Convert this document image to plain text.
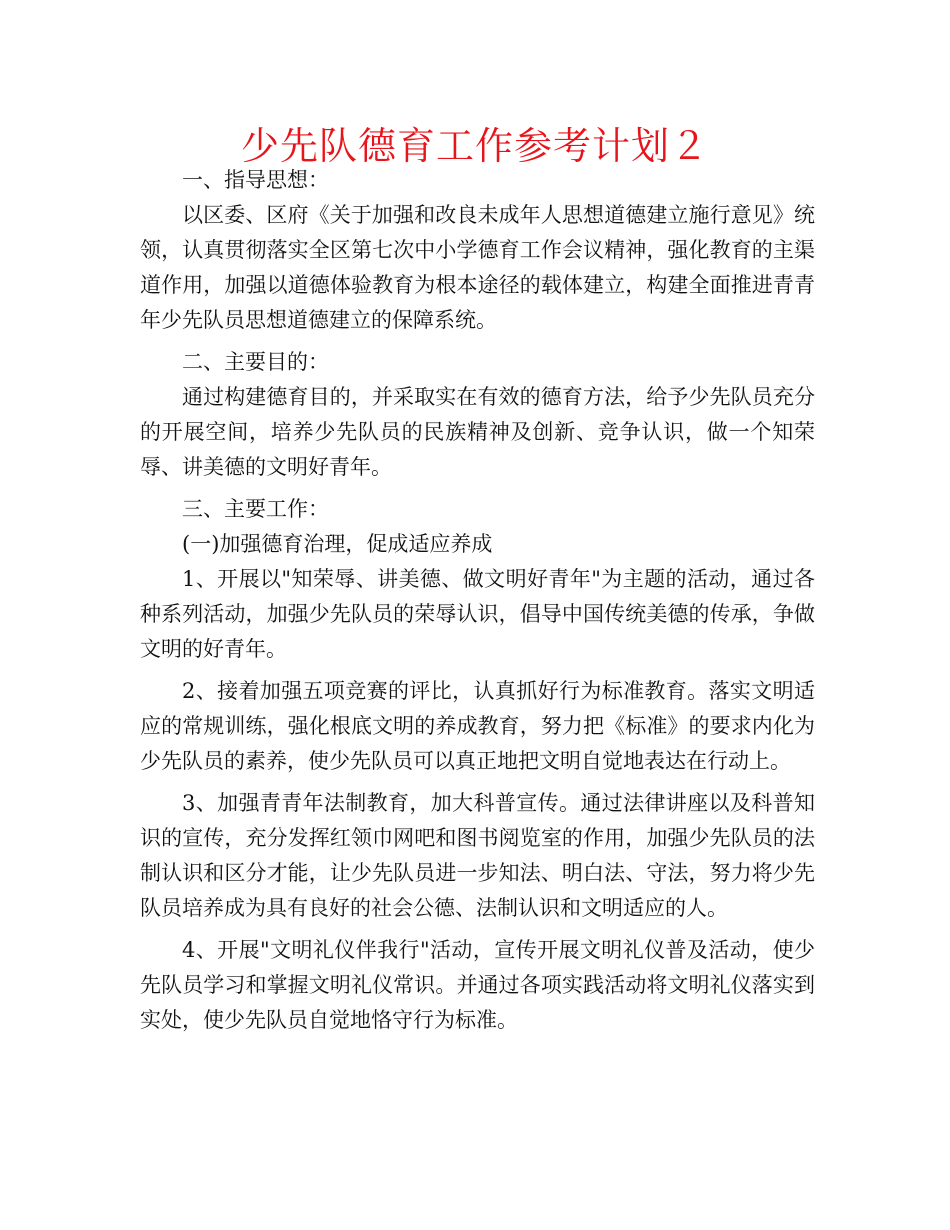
少先队德育工作参考计划２

一、指导思想：

以区委、区府《关于加强和改良未成年人思想道德建立施行意见》统领，认真贯彻落实全区第七次中小学德育工作会议精神，强化教育的主渠道作用，加强以道德体验教育为根本途径的载体建立，构建全面推进青青年少先队员思想道德建立的保障系统。

二、主要目的：

通过构建德育目的，并采取实在有效的德育方法，给予少先队员充分的开展空间，培养少先队员的民族精神及创新、竞争认识，做一个知荣辱、讲美德的文明好青年。

三、主要工作：

(一)加强德育治理，促成适应养成

1、开展以"知荣辱、讲美德、做文明好青年"为主题的活动，通过各种系列活动，加强少先队员的荣辱认识，倡导中国传统美德的传承，争做文明的好青年。

2、接着加强五项竞赛的评比，认真抓好行为标准教育。落实文明适应的常规训练，强化根底文明的养成教育，努力把《标准》的要求内化为少先队员的素养，使少先队员可以真正地把文明自觉地表达在行动上。

3、加强青青年法制教育，加大科普宣传。通过法律讲座以及科普知识的宣传，充分发挥红领巾网吧和图书阅览室的作用，加强少先队员的法制认识和区分才能，让少先队员进一步知法、明白法、守法，努力将少先队员培养成为具有良好的社会公德、法制认识和文明适应的人。

4、开展"文明礼仪伴我行"活动，宣传开展文明礼仪普及活动，使少先队员学习和掌握文明礼仪常识。并通过各项实践活动将文明礼仪落实到实处，使少先队员自觉地恪守行为标准。
